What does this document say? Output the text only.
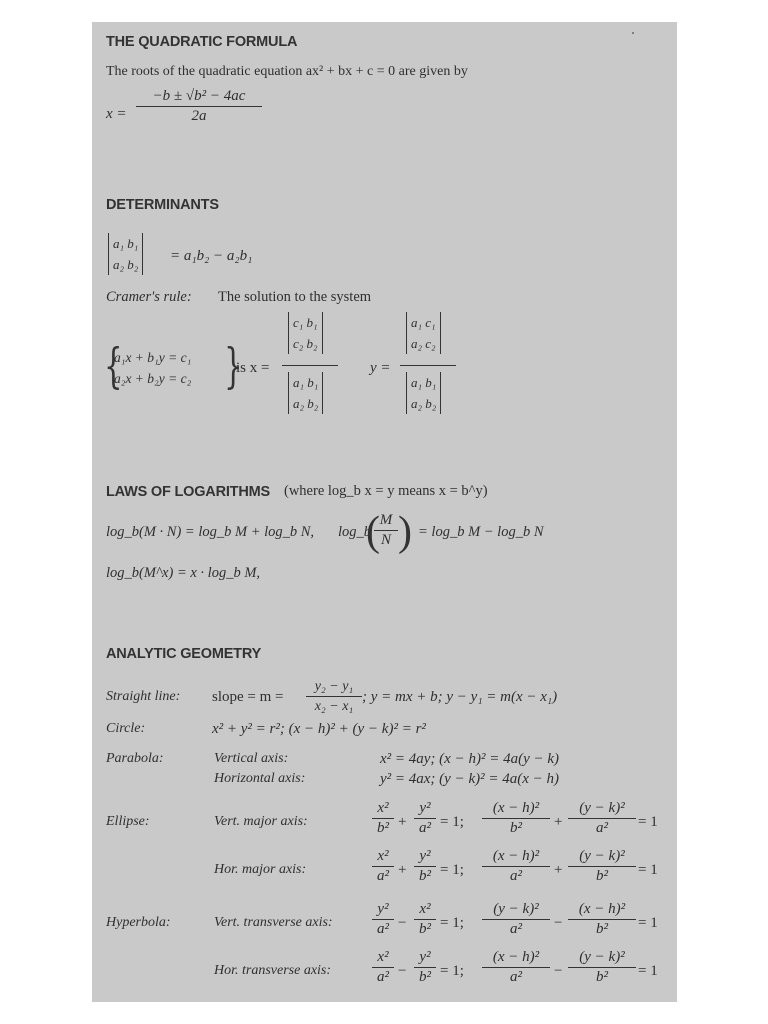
THE QUADRATIC FORMULA
The roots of the quadratic equation ax² + bx + c = 0 are given by
$x = \frac{\text{−b ± √b² − 4ac}}{2a}$
DETERMINANTS
a₁ b₁
a₂ b₂
= a₁b₂ − a₂b₁
Cramer's rule: The solution to the system
{
a₁x + b₁y = c₁
a₂x + b₂y = c₂ }
is x =
c₁ b₁
c₂ b₂
a₁ b₁
a₂ b₂
y =
a₁ c₁
a₂ c₂
a₁ b₁
a₂ b₂
LAWS OF LOGARITHMS (where log_b x = y means x = b^y)
log_b(M · N) = log_b M + log_b N, log_b
(
$\frac{M}{N}$ ) = log_b M − log_b N
log_b(M^x) = x · log_b M,
ANALYTIC GEOMETRY
Straight line: slope = $m = \frac{\text{y₂ − y₁}}{\text{x₂ − x₁}}$ ; y = mx + b; y − y₁ = m(x − x₁)
Circle:	x² + y² = r²; (x − h)² + (y − k)² = r²
Parabola:	Vertical axis:	x² = 4ay; (x − h)² = 4a(y − k)
Horizontal axis:	y² = 4ax; (y − k)² = 4a(x − h)
Ellipse:	Vert. major axis:	$\frac{\text{x²}}{\text{b²}} + \frac{\text{y²}}{\text{a²}} = 1$; $\frac{\text{(x − h)²}}{\text{b²}} + \frac{\text{(y − k)²}}{\text{a²}} = 1$
Hor. major axis:	$\frac{\text{x²}}{\text{a²}} + \frac{\text{y²}}{\text{b²}} = 1$; $\frac{\text{(x − h)²}}{\text{a²}} + \frac{\text{(y − k)²}}{\text{b²}} = 1$
Hyperbola:	Vert. transverse axis:	$\frac{\text{y²}}{\text{a²}} - \frac{\text{x²}}{\text{b²}} = 1$; $\frac{\text{(y − k)²}}{\text{a²}} - \frac{\text{(x − h)²}}{\text{b²}} = 1$
Hor. transverse axis:	$\frac{\text{x²}}{\text{a²}} - \frac{\text{y²}}{\text{b²}} = 1$; $\frac{\text{(x − h)²}}{\text{a²}} - \frac{\text{(y − k)²}}{\text{b²}} = 1$
